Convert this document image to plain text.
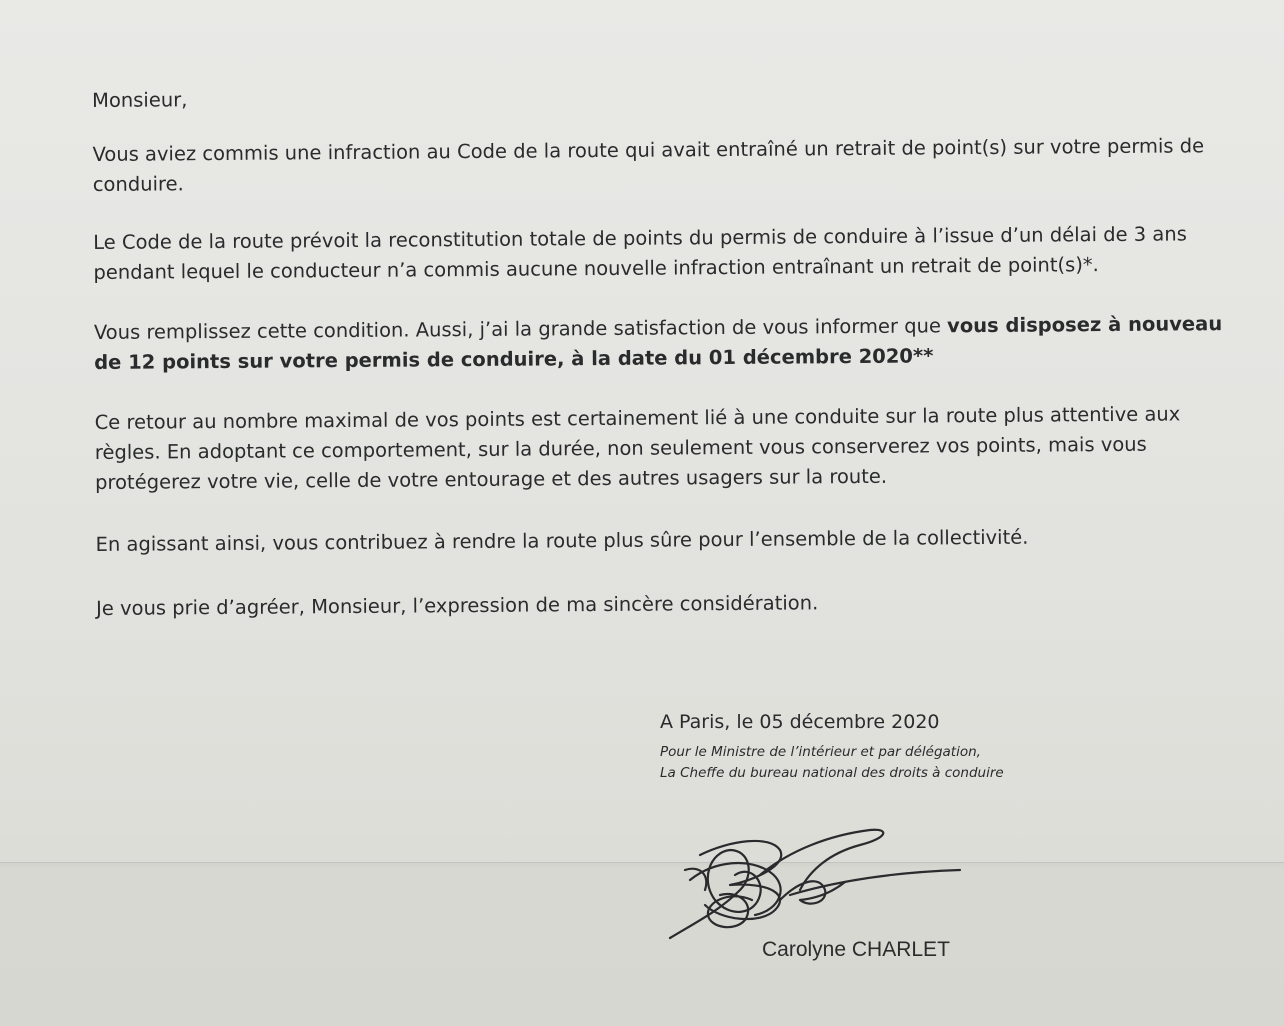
Monsieur,
Vous aviez commis une infraction au Code de la route qui avait entraîné un retrait de point(s) sur votre permis de
conduire.
Le Code de la route prévoit la reconstitution totale de points du permis de conduire à l’issue d’un délai de 3 ans
pendant lequel le conducteur n’a commis aucune nouvelle infraction entraînant un retrait de point(s)*.
Vous remplissez cette condition. Aussi, j’ai la grande satisfaction de vous informer que vous disposez à nouveau
de 12 points sur votre permis de conduire, à la date du 01 décembre 2020**
Ce retour au nombre maximal de vos points est certainement lié à une conduite sur la route plus attentive aux
règles. En adoptant ce comportement, sur la durée, non seulement vous conserverez vos points, mais vous
protégerez votre vie, celle de votre entourage et des autres usagers sur la route.
En agissant ainsi, vous contribuez à rendre la route plus sûre pour l’ensemble de la collectivité.
Je vous prie d’agréer, Monsieur, l’expression de ma sincère considération.
A Paris, le 05 décembre 2020
Pour le Ministre de l’intérieur et par délégation,
La Cheffe du bureau national des droits à conduire
Carolyne CHARLET
